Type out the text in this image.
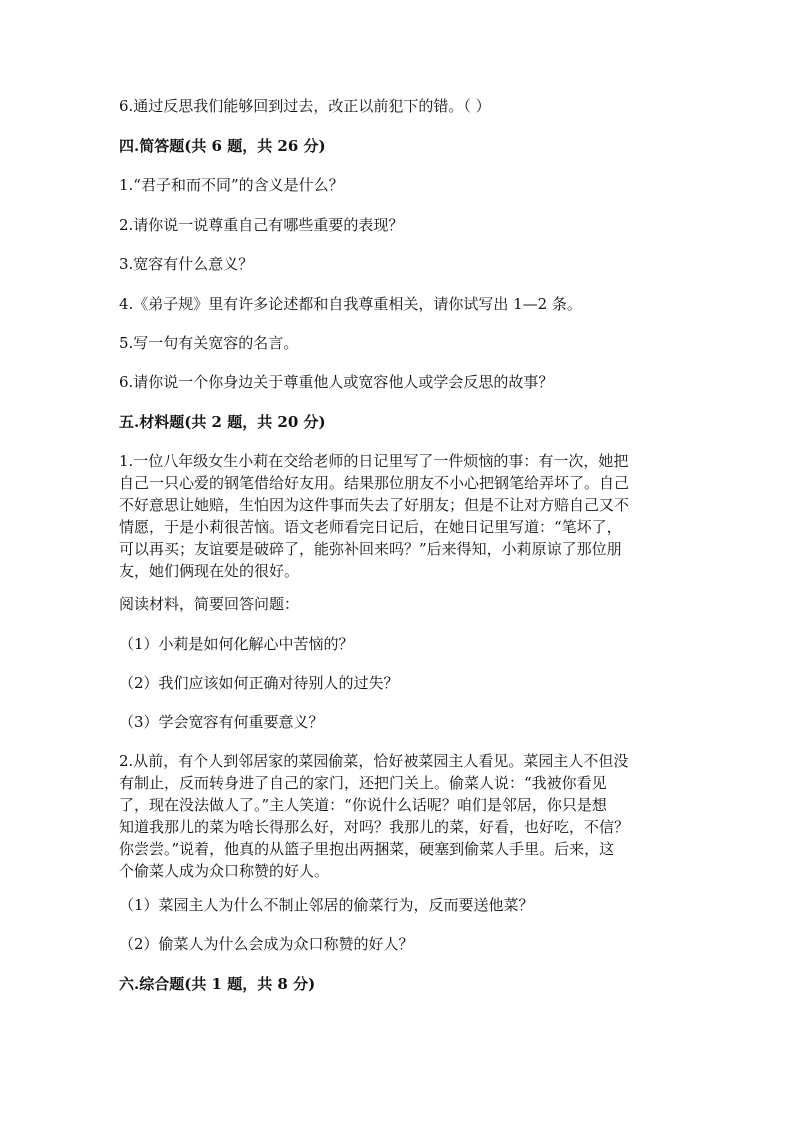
6.通过反思我们能够回到过去，改正以前犯下的错。（ ）
四.简答题(共 6 题，共 26 分)
1.“君子和而不同”的含义是什么？
2.请你说一说尊重自己有哪些重要的表现？
3.宽容有什么意义？
4.《弟子规》里有许多论述都和自我尊重相关，请你试写出 1—2 条。
5.写一句有关宽容的名言。
6.请你说一个你身边关于尊重他人或宽容他人或学会反思的故事？
五.材料题(共 2 题，共 20 分)
1.一位八年级女生小莉在交给老师的日记里写了一件烦恼的事：有一次，她把
自己一只心爱的钢笔借给好友用。结果那位朋友不小心把钢笔给弄坏了。自己
不好意思让她赔，生怕因为这件事而失去了好朋友；但是不让对方赔自己又不
情愿，于是小莉很苦恼。语文老师看完日记后，在她日记里写道：“笔坏了，
可以再买；友谊要是破碎了，能弥补回来吗？”后来得知，小莉原谅了那位朋
友，她们俩现在处的很好。
阅读材料，简要回答问题：
（1）小莉是如何化解心中苦恼的？
（2）我们应该如何正确对待别人的过失？
（3）学会宽容有何重要意义？
2.从前，有个人到邻居家的菜园偷菜，恰好被菜园主人看见。菜园主人不但没
有制止，反而转身进了自己的家门，还把门关上。偷菜人说：“我被你看见
了，现在没法做人了。”主人笑道：“你说什么话呢？咱们是邻居，你只是想
知道我那儿的菜为啥长得那么好，对吗？我那儿的菜，好看，也好吃，不信？
你尝尝。”说着，他真的从篮子里抱出两捆菜，硬塞到偷菜人手里。后来，这
个偷菜人成为众口称赞的好人。
（1）菜园主人为什么不制止邻居的偷菜行为，反而要送他菜？
（2）偷菜人为什么会成为众口称赞的好人？
六.综合题(共 1 题，共 8 分)
